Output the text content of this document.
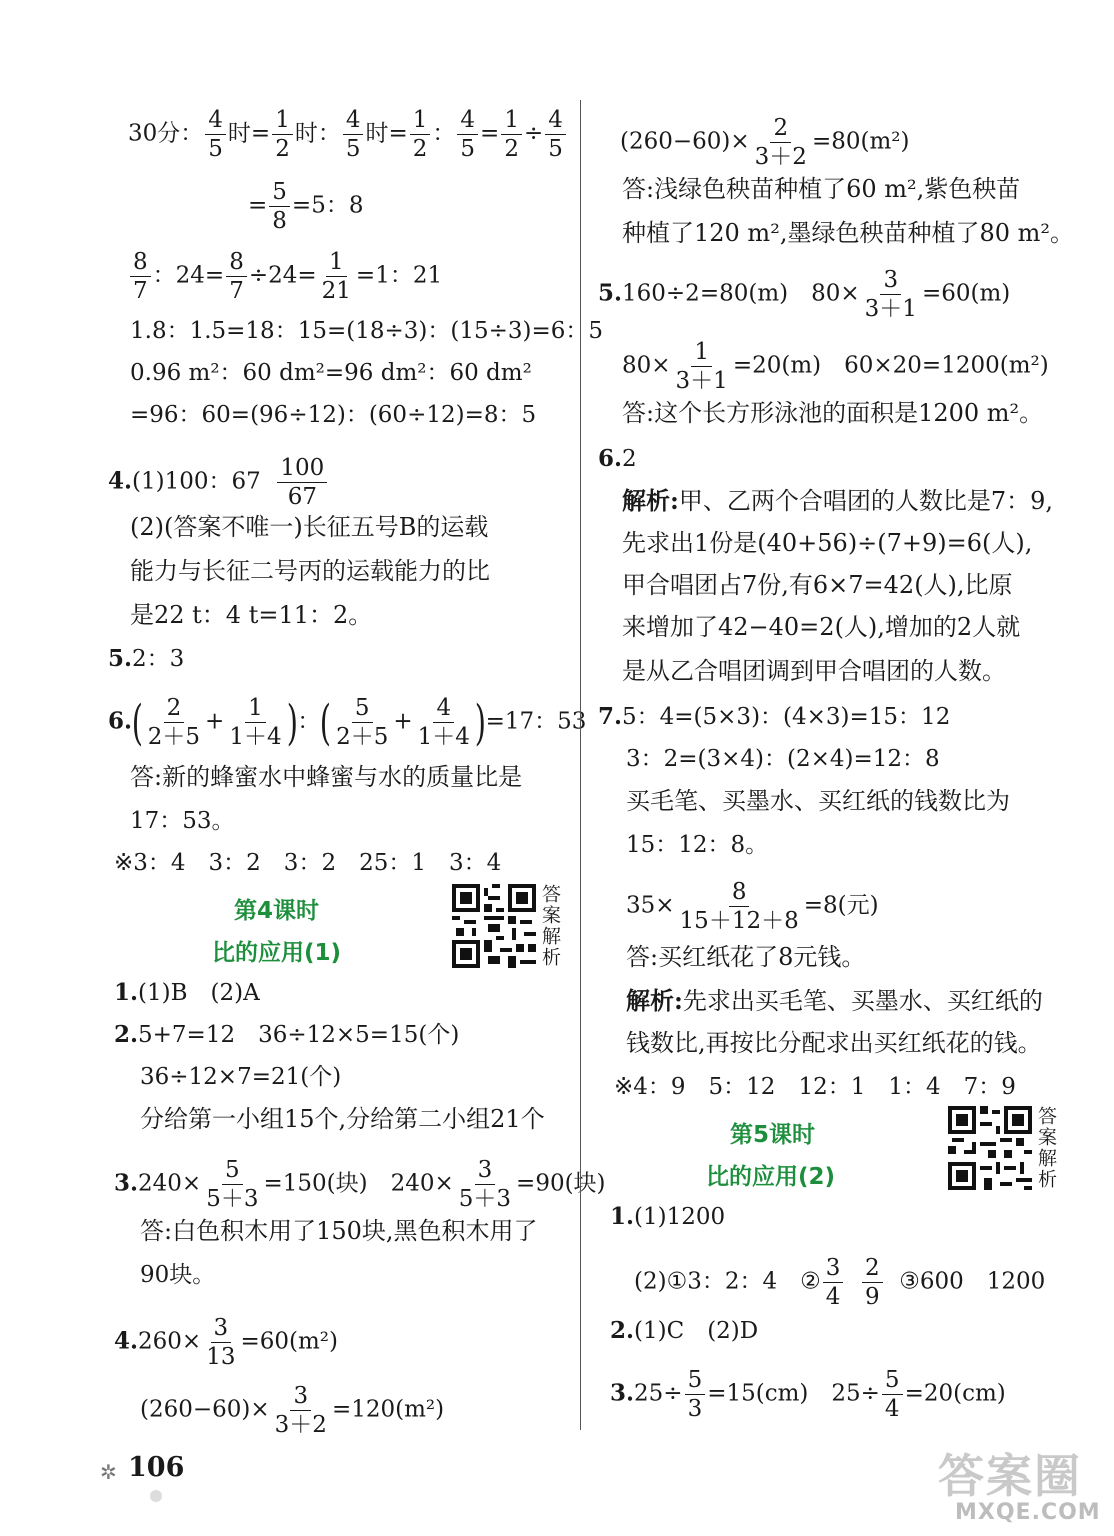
30分： $\frac{4}{5}$ 时= $\frac{1}{2}$ 时： $\frac{4}{5}$ 时= $\frac{1}{2}$ ： $\frac{4}{5} = \frac{1}{2} \div \frac{4}{5}$
= $\frac{5}{8} =5$：8
$\frac{8}{7}$ ：$24= \frac{8}{7} \div 24= \frac{1}{21} =1$：21
1.8：1.5=18：15=(18÷3)：(15÷3)=6：5
0.96 m²：60 dm²=96 dm²：60 dm²
=96：60=(96÷12)：(60÷12)=8：5
4.(1)100：$67 \frac{100}{67}$
(2)(答案不唯一)长征五号B的运载
能力与长征二号丙的运载能力的比
是22 t：4 t=11：2。
5.2：3
$6.( \frac{2}{2+5} + \frac{1}{1+4}$ )：( $\frac{5}{2+5} + \frac{4}{1+4} )=17$：53
答:新的蜂蜜水中蜂蜜与水的质量比是
17：53。
※3：4　3：2　3：2　25：1　3：4
第4课时
比的应用(1)	答案解析
1.(1)B　(2)A
2.5+7=12　36÷12×5=15(个)
36÷12×7=21(个)
分给第一小组15个,分给第二小组21个
$3.240\times \frac{5}{5+3} =150$(块)　$240\times \frac{3}{5+3} =90$(块)
答:白色积木用了150块,黑色积木用了
90块。
$4.260\times \frac{3}{13} =60(m^2)$
$(260-60)\times \frac{3}{3+2} =120(m^2)$
$(260-60)\times \frac{2}{3+2} =80(m^2)$
答:浅绿色秧苗种植了60 m²,紫色秧苗
种植了120 m²,墨绿色秧苗种植了80 m²。
5.160÷2=80(m)　$80\times \frac{3}{3+1} =60(m)$
$80\times \frac{1}{3+1} =20(m)$　60×20=1200(m²)
答:这个长方形泳池的面积是1200 m²。
6.2
解析:甲、乙两个合唱团的人数比是7：9,
先求出1份是(40+56)÷(7+9)=6(人),
甲合唱团占7份,有6×7=42(人),比原
来增加了42−40=2(人),增加的2人就
是从乙合唱团调到甲合唱团的人数。
7.5：4=(5×3)：(4×3)=15：12
3：2=(3×4)：(2×4)=12：8
买毛笔、买墨水、买红纸的钱数比为
15：12：8。
$35\times \frac{8}{15+12+8} =8$(元)
答:买红纸花了8元钱。
解析:先求出买毛笔、买墨水、买红纸的
钱数比,再按比分配求出买红纸花的钱。
※4：9　5：12　12：1　1：4　7：9
第5课时
比的应用(2)	答案解析
1.(1)1200
(2)①3：2：4　② $\frac{3}{4}$
$\frac{2}{9}$ ③600　1200
2.(1)C　(2)D
$3.25\div \frac{5}{3} =15(cm)$　$25\div \frac{5}{4} =20(cm)$
✲ 106	答案圈
MXQE.COM
